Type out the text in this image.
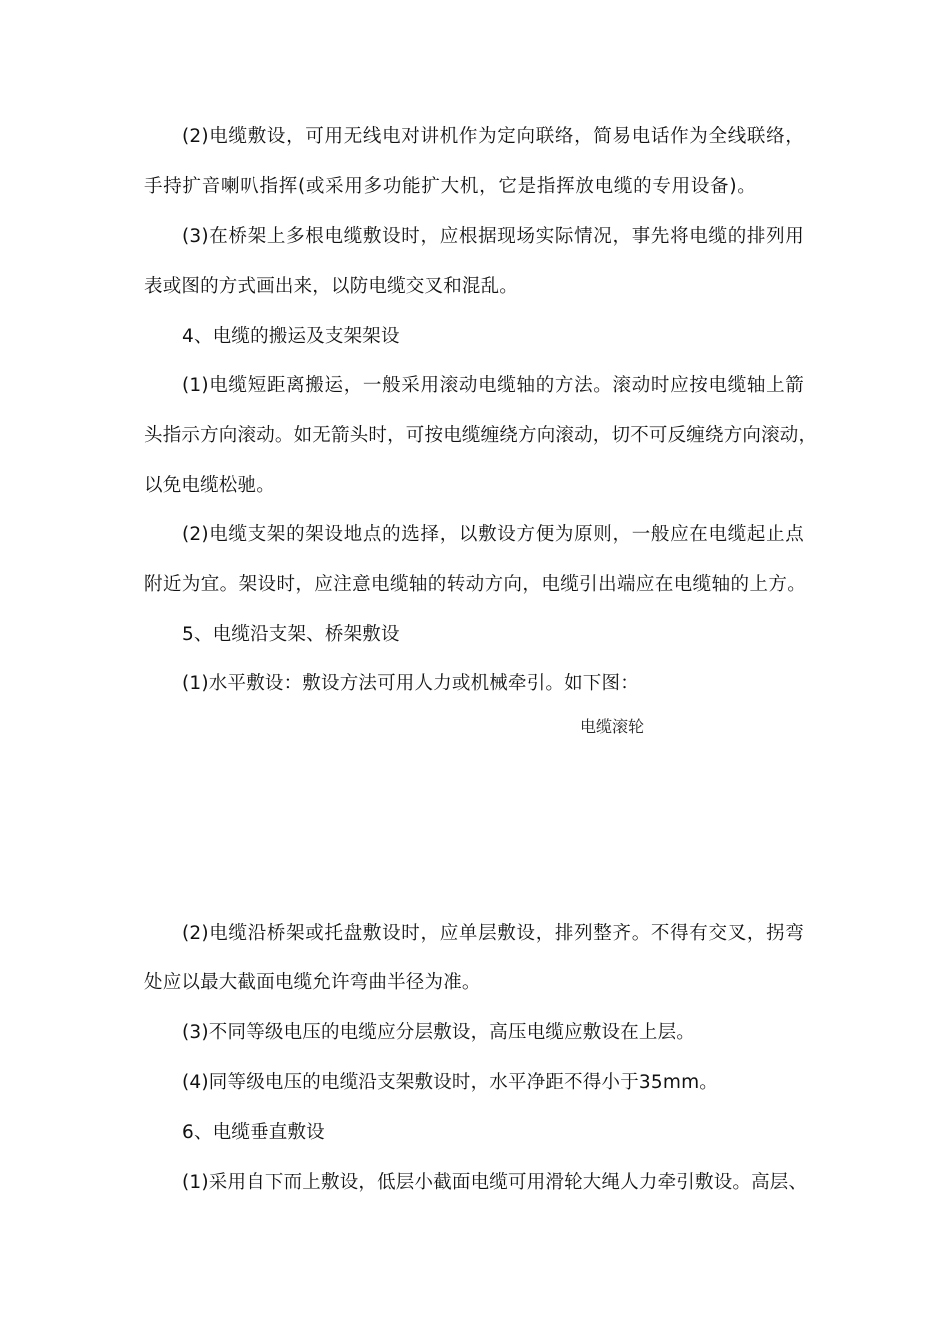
(2)电缆敷设，可用无线电对讲机作为定向联络，简易电话作为全线联络，
手持扩音喇叭指挥(或采用多功能扩大机，它是指挥放电缆的专用设备)。
(3)在桥架上多根电缆敷设时，应根据现场实际情况，事先将电缆的排列用
表或图的方式画出来，以防电缆交叉和混乱。
4、电缆的搬运及支架架设
(1)电缆短距离搬运，一般采用滚动电缆轴的方法。滚动时应按电缆轴上箭
头指示方向滚动。如无箭头时，可按电缆缠绕方向滚动，切不可反缠绕方向滚动，
以免电缆松驰。
(2)电缆支架的架设地点的选择，以敷设方便为原则，一般应在电缆起止点
附近为宜。架设时，应注意电缆轴的转动方向，电缆引出端应在电缆轴的上方。
5、电缆沿支架、桥架敷设
(1)水平敷设：敷设方法可用人力或机械牵引。如下图：
电缆滚轮
(2)电缆沿桥架或托盘敷设时，应单层敷设，排列整齐。不得有交叉，拐弯
处应以最大截面电缆允许弯曲半径为准。
(3)不同等级电压的电缆应分层敷设，高压电缆应敷设在上层。
(4)同等级电压的电缆沿支架敷设时，水平净距不得小于35mm。
6、电缆垂直敷设
(1)采用自下而上敷设，低层小截面电缆可用滑轮大绳人力牵引敷设。高层、
